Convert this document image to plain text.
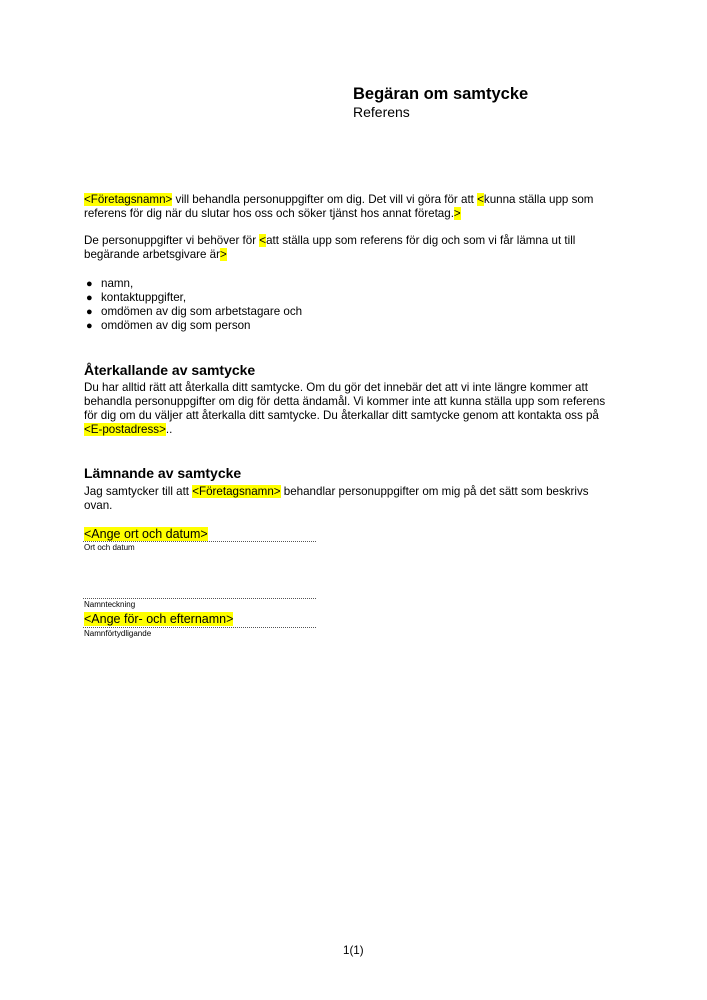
Begäran om samtycke
Referens
<Företagsnamn> vill behandla personuppgifter om dig. Det vill vi göra för att <kunna ställa upp som
referens för dig när du slutar hos oss och söker tjänst hos annat företag.>
De personuppgifter vi behöver för <att ställa upp som referens för dig och som vi får lämna ut till
begärande arbetsgivare är>
● namn,
● kontaktuppgifter,
● omdömen av dig som arbetstagare och
● omdömen av dig som person
Återkallande av samtycke
Du har alltid rätt att återkalla ditt samtycke. Om du gör det innebär det att vi inte längre kommer att
behandla personuppgifter om dig för detta ändamål. Vi kommer inte att kunna ställa upp som referens
för dig om du väljer att återkalla ditt samtycke. Du återkallar ditt samtycke genom att kontakta oss på
<E-postadress>..
Lämnande av samtycke
Jag samtycker till att <Företagsnamn> behandlar personuppgifter om mig på det sätt som beskrivs
ovan.
<Ange ort och datum>
Ort och datum
Namnteckning
<Ange för- och efternamn>
Namnförtydligande
1(1)
